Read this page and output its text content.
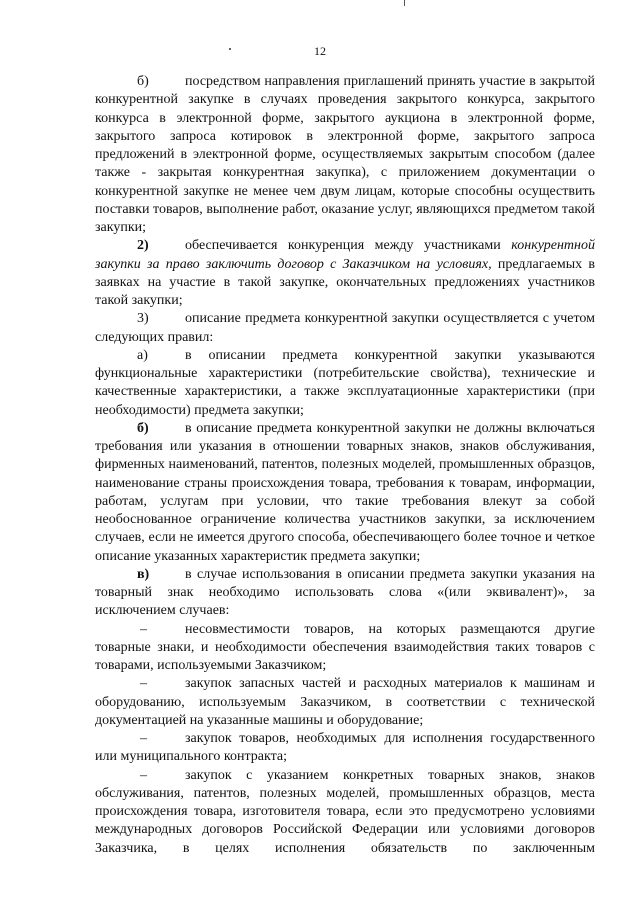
12

б)	посредством направления приглашений принять участие в закрытой конкурентной закупке в случаях проведения закрытого конкурса, закрытого конкурса в электронной форме, закрытого аукциона в электронной форме, закрытого запроса котировок в электронной форме, закрытого запроса предложений в электронной форме, осуществляемых закрытым способом (далее также - закрытая конкурентная закупка), с приложением документации о конкурентной закупке не менее чем двум лицам, которые способны осуществить поставки товаров, выполнение работ, оказание услуг, являющихся предметом такой закупки;

2)	обеспечивается конкуренция между участниками конкурентной закупки за право заключить договор с Заказчиком на условиях, предлагаемых в заявках на участие в такой закупке, окончательных предложениях участников такой закупки;

3)	описание предмета конкурентной закупки осуществляется с учетом следующих правил:

а)	в описании предмета конкурентной закупки указываются функциональные характеристики (потребительские свойства), технические и качественные характеристики, а также эксплуатационные характеристики (при необходимости) предмета закупки;

б)	в описание предмета конкурентной закупки не должны включаться требования или указания в отношении товарных знаков, знаков обслуживания, фирменных наименований, патентов, полезных моделей, промышленных образцов, наименование страны происхождения товара, требования к товарам, информации, работам, услугам при условии, что такие требования влекут за собой необоснованное ограничение количества участников закупки, за исключением случаев, если не имеется другого способа, обеспечивающего более точное и четкое описание указанных характеристик предмета закупки;

в)	в случае использования в описании предмета закупки указания на товарный знак необходимо использовать слова «(или эквивалент)», за исключением случаев:

–	несовместимости товаров, на которых размещаются другие товарные знаки, и необходимости обеспечения взаимодействия таких товаров с товарами, используемыми Заказчиком;

–	закупок запасных частей и расходных материалов к машинам и оборудованию, используемым Заказчиком, в соответствии с технической документацией на указанные машины и оборудование;

–	закупок товаров, необходимых для исполнения государственного или муниципального контракта;

–	закупок с указанием конкретных товарных знаков, знаков обслуживания, патентов, полезных моделей, промышленных образцов, места происхождения товара, изготовителя товара, если это предусмотрено условиями международных договоров Российской Федерации или условиями договоров Заказчика, в целях исполнения обязательств по заключенным
